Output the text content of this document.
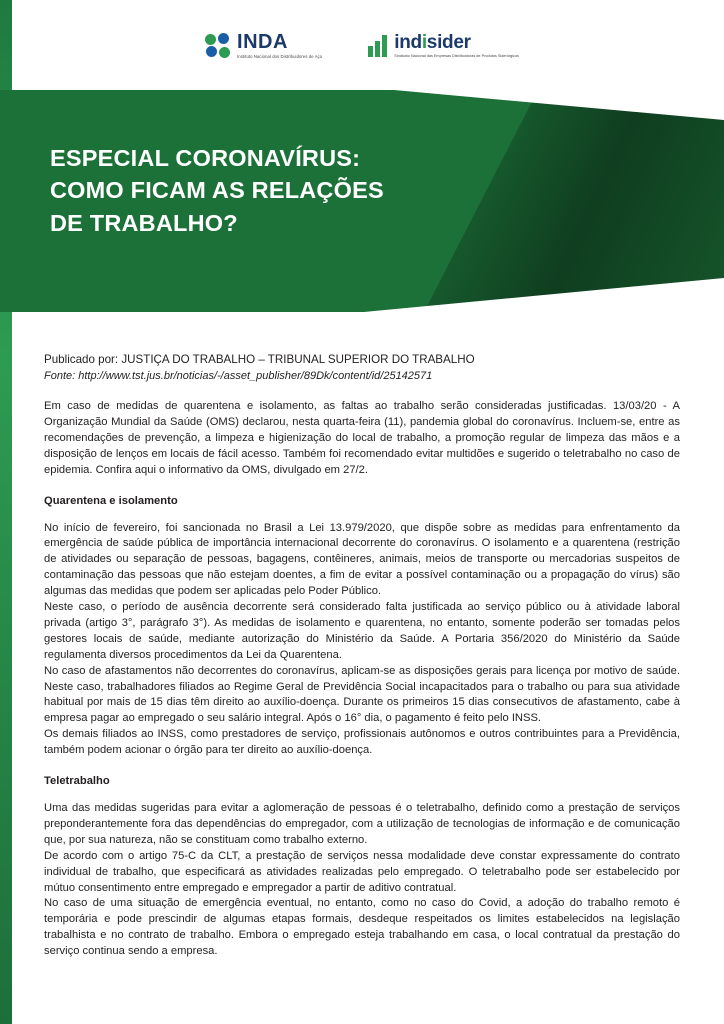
INDA
Instituto Nacional dos Distribuidores de Aço
indisider
Sindicato Nacional das Empresas Distribuidoras de Produtos Siderúrgicos
ESPECIAL CORONAVÍRUS:
COMO FICAM AS RELAÇÕES
DE TRABALHO?

Publicado por: JUSTIÇA DO TRABALHO – TRIBUNAL SUPERIOR DO TRABALHO

Fonte: http://www.tst.jus.br/noticias/-/asset_publisher/89Dk/content/id/25142571

Em caso de medidas de quarentena e isolamento, as faltas ao trabalho serão consideradas justificadas. 13/03/20 - A Organização Mundial da Saúde (OMS) declarou, nesta quarta-feira (11), pandemia global do coronavírus. Incluem-se, entre as recomendações de prevenção, a limpeza e higienização do local de trabalho, a promoção regular de limpeza das mãos e a disposição de lenços em locais de fácil acesso. Também foi recomendado evitar multidões e sugerido o teletrabalho no caso de epidemia. Confira aqui o informativo da OMS, divulgado em 27/2.

Quarentena e isolamento

No início de fevereiro, foi sancionada no Brasil a Lei 13.979/2020, que dispõe sobre as medidas para enfrentamento da emergência de saúde pública de importância internacional decorrente do coronavírus. O isolamento e a quarentena (restrição de atividades ou separação de pessoas, bagagens, contêineres, animais, meios de transporte ou mercadorias suspeitos de contaminação das pessoas que não estejam doentes, a fim de evitar a possível contaminação ou a propagação do vírus) são algumas das medidas que podem ser aplicadas pelo Poder Público.

Neste caso, o período de ausência decorrente será considerado falta justificada ao serviço público ou à atividade laboral privada (artigo 3°, parágrafo 3°). As medidas de isolamento e quarentena, no entanto, somente poderão ser tomadas pelos gestores locais de saúde, mediante autorização do Ministério da Saúde. A Portaria 356/2020 do Ministério da Saúde regulamenta diversos procedimentos da Lei da Quarentena.

No caso de afastamentos não decorrentes do coronavírus, aplicam-se as disposições gerais para licença por motivo de saúde. Neste caso, trabalhadores filiados ao Regime Geral de Previdência Social incapacitados para o trabalho ou para sua atividade habitual por mais de 15 dias têm direito ao auxílio-doença. Durante os primeiros 15 dias consecutivos de afastamento, cabe à empresa pagar ao empregado o seu salário integral. Após o 16° dia, o pagamento é feito pelo INSS.

Os demais filiados ao INSS, como prestadores de serviço, profissionais autônomos e outros contribuintes para a Previdência, também podem acionar o órgão para ter direito ao auxílio-doença.

Teletrabalho

Uma das medidas sugeridas para evitar a aglomeração de pessoas é o teletrabalho, definido como a prestação de serviços preponderantemente fora das dependências do empregador, com a utilização de tecnologias de informação e de comunicação que, por sua natureza, não se constituam como trabalho externo.

De acordo com o artigo 75-C da CLT, a prestação de serviços nessa modalidade deve constar expressamente do contrato individual de trabalho, que especificará as atividades realizadas pelo empregado. O teletrabalho pode ser estabelecido por mútuo consentimento entre empregado e empregador a partir de aditivo contratual.

No caso de uma situação de emergência eventual, no entanto, como no caso do Covid, a adoção do trabalho remoto é temporária e pode prescindir de algumas etapas formais, desdeque respeitados os limites estabelecidos na legislação trabalhista e no contrato de trabalho. Embora o empregado esteja trabalhando em casa, o local contratual da prestação do serviço continua sendo a empresa.
